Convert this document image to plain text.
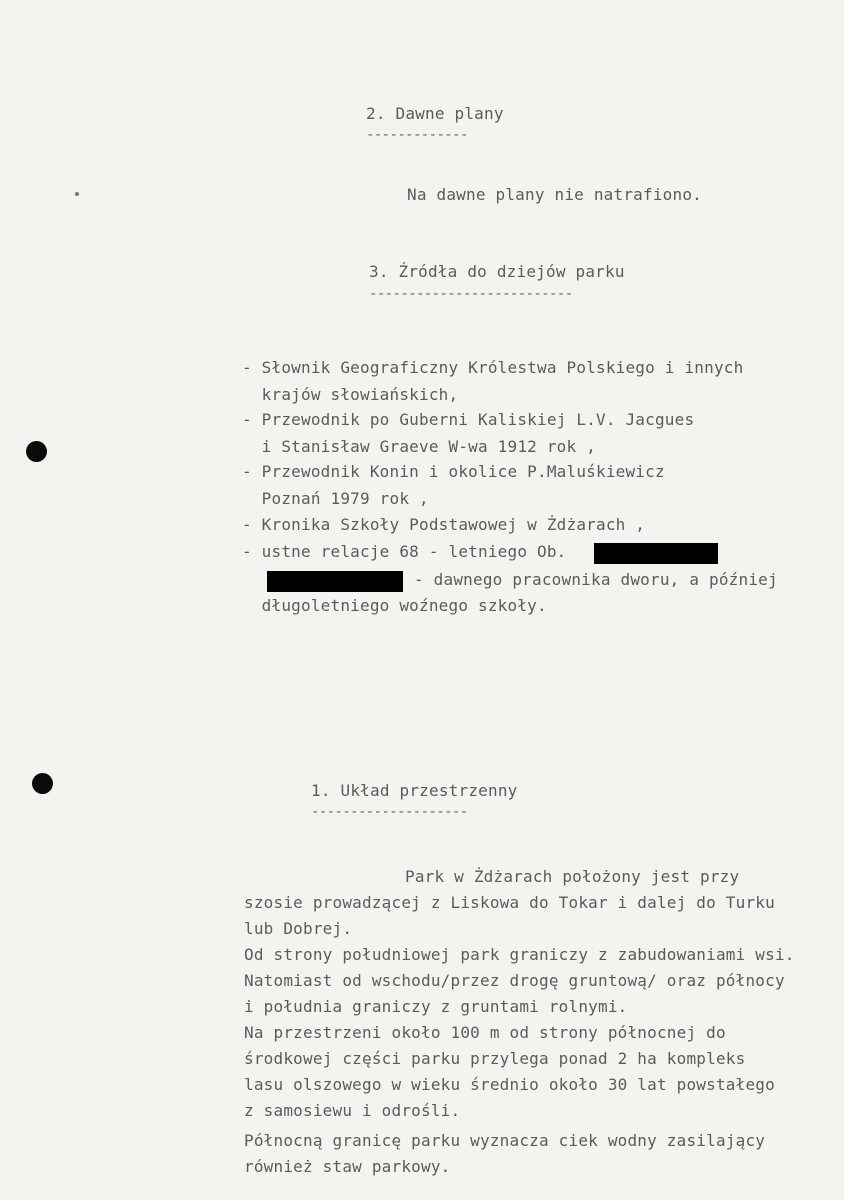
2. Dawne plany
-------------
Na dawne plany nie natrafiono.
3. Źródła do dziejów parku
--------------------------
- Słownik Geograficzny Królestwa Polskiego i innych
krajów słowiańskich,
- Przewodnik po Guberni Kaliskiej L.V. Jacgues
i Stanisław Graeve W-wa 1912 rok ,
- Przewodnik Konin i okolice P.Maluśkiewicz
Poznań 1979 rok ,
- Kronika Szkoły Podstawowej w Żdżarach ,
- ustne relacje 68 - letniego Ob.
- dawnego pracownika dworu, a później
długoletniego woźnego szkoły.
1. Układ przestrzenny
--------------------
Park w Żdżarach położony jest przy
szosie prowadzącej z Liskowa do Tokar i dalej do Turku
lub Dobrej.
Od strony południowej park graniczy z zabudowaniami wsi.
Natomiast od wschodu/przez drogę gruntową/ oraz północy
i południa graniczy z gruntami rolnymi.
Na przestrzeni około 100 m od strony północnej do
środkowej części parku przylega ponad 2 ha kompleks
lasu olszowego w wieku średnio około 30 lat powstałego
z samosiewu i odrośli.
Północną granicę parku wyznacza ciek wodny zasilający
również staw parkowy.
